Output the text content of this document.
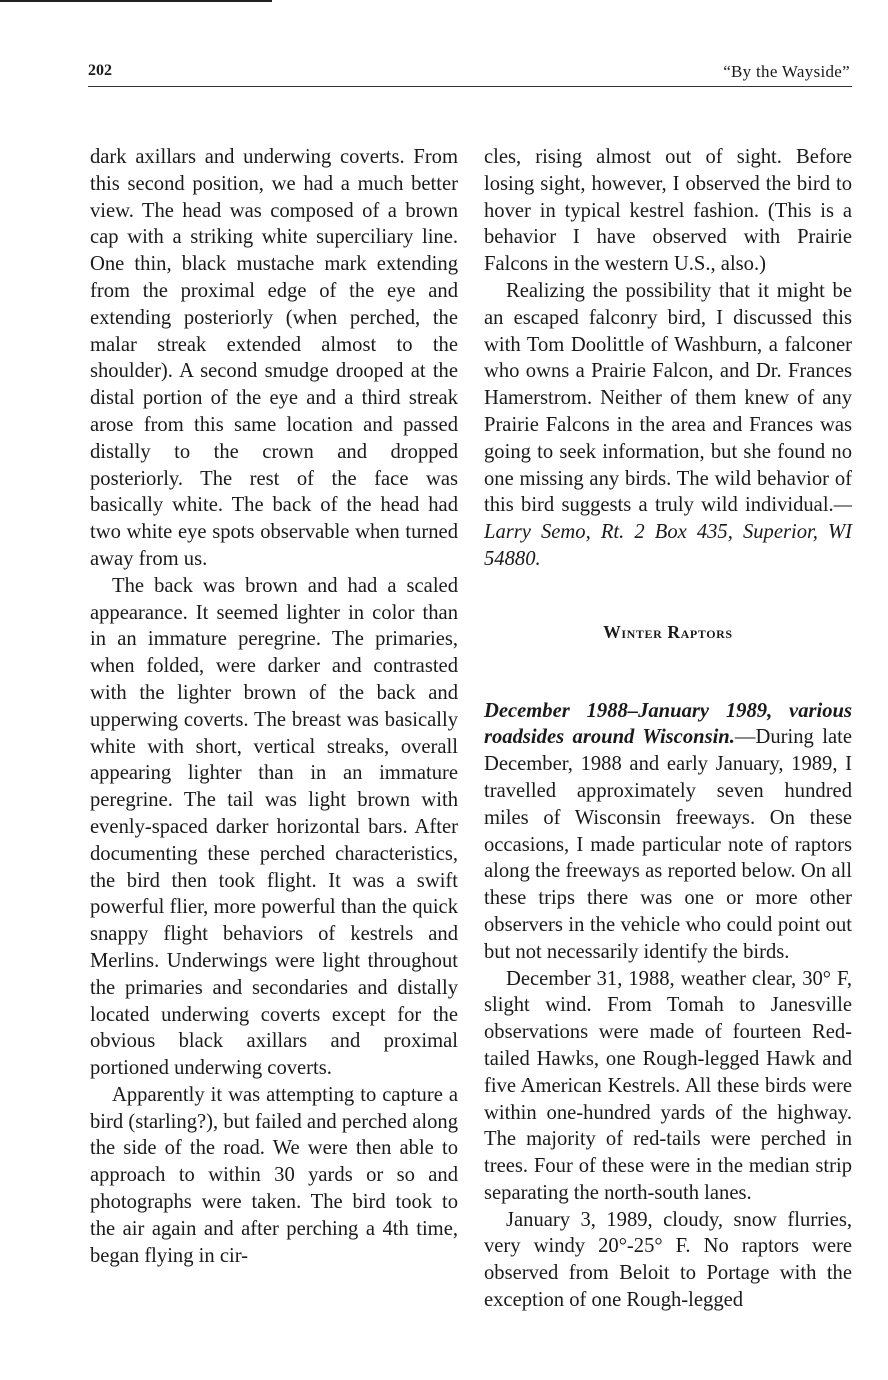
202	“By the Wayside”

dark axillars and underwing coverts. From this second position, we had a much better view. The head was composed of a brown cap with a striking white superciliary line. One thin, black mustache mark extending from the proximal edge of the eye and extending posteriorly (when perched, the malar streak extended almost to the shoulder). A second smudge drooped at the distal portion of the eye and a third streak arose from this same location and passed distally to the crown and dropped posteriorly. The rest of the face was basically white. The back of the head had two white eye spots observable when turned away from us.

The back was brown and had a scaled appearance. It seemed lighter in color than in an immature peregrine. The primaries, when folded, were darker and contrasted with the lighter brown of the back and upperwing coverts. The breast was basically white with short, vertical streaks, overall appearing lighter than in an immature peregrine. The tail was light brown with evenly-spaced darker horizontal bars. After documenting these perched characteristics, the bird then took flight. It was a swift powerful flier, more powerful than the quick snappy flight behaviors of kestrels and Merlins. Underwings were light throughout the primaries and secondaries and distally located underwing coverts except for the obvious black axillars and proximal portioned underwing coverts.

Apparently it was attempting to capture a bird (starling?), but failed and perched along the side of the road. We were then able to approach to within 30 yards or so and photographs were taken. The bird took to the air again and after perching a 4th time, began flying in cir-

cles, rising almost out of sight. Before losing sight, however, I observed the bird to hover in typical kestrel fashion. (This is a behavior I have observed with Prairie Falcons in the western U.S., also.)

Realizing the possibility that it might be an escaped falconry bird, I discussed this with Tom Doolittle of Washburn, a falconer who owns a Prairie Falcon, and Dr. Frances Hamerstrom. Neither of them knew of any Prairie Falcons in the area and Frances was going to seek information, but she found no one missing any birds. The wild behavior of this bird suggests a truly wild individual.—Larry Semo, Rt. 2 Box 435, Superior, WI 54880.

Winter Raptors

December 1988–January 1989, various roadsides around Wisconsin.—During late December, 1988 and early January, 1989, I travelled approximately seven hundred miles of Wisconsin freeways. On these occasions, I made particular note of raptors along the freeways as reported below. On all these trips there was one or more other observers in the vehicle who could point out but not necessarily identify the birds.

December 31, 1988, weather clear, 30° F, slight wind. From Tomah to Janesville observations were made of fourteen Red-tailed Hawks, one Rough-legged Hawk and five American Kestrels. All these birds were within one-hundred yards of the highway. The majority of red-tails were perched in trees. Four of these were in the median strip separating the north-south lanes.

January 3, 1989, cloudy, snow flurries, very windy 20°-25° F. No raptors were observed from Beloit to Portage with the exception of one Rough-legged
